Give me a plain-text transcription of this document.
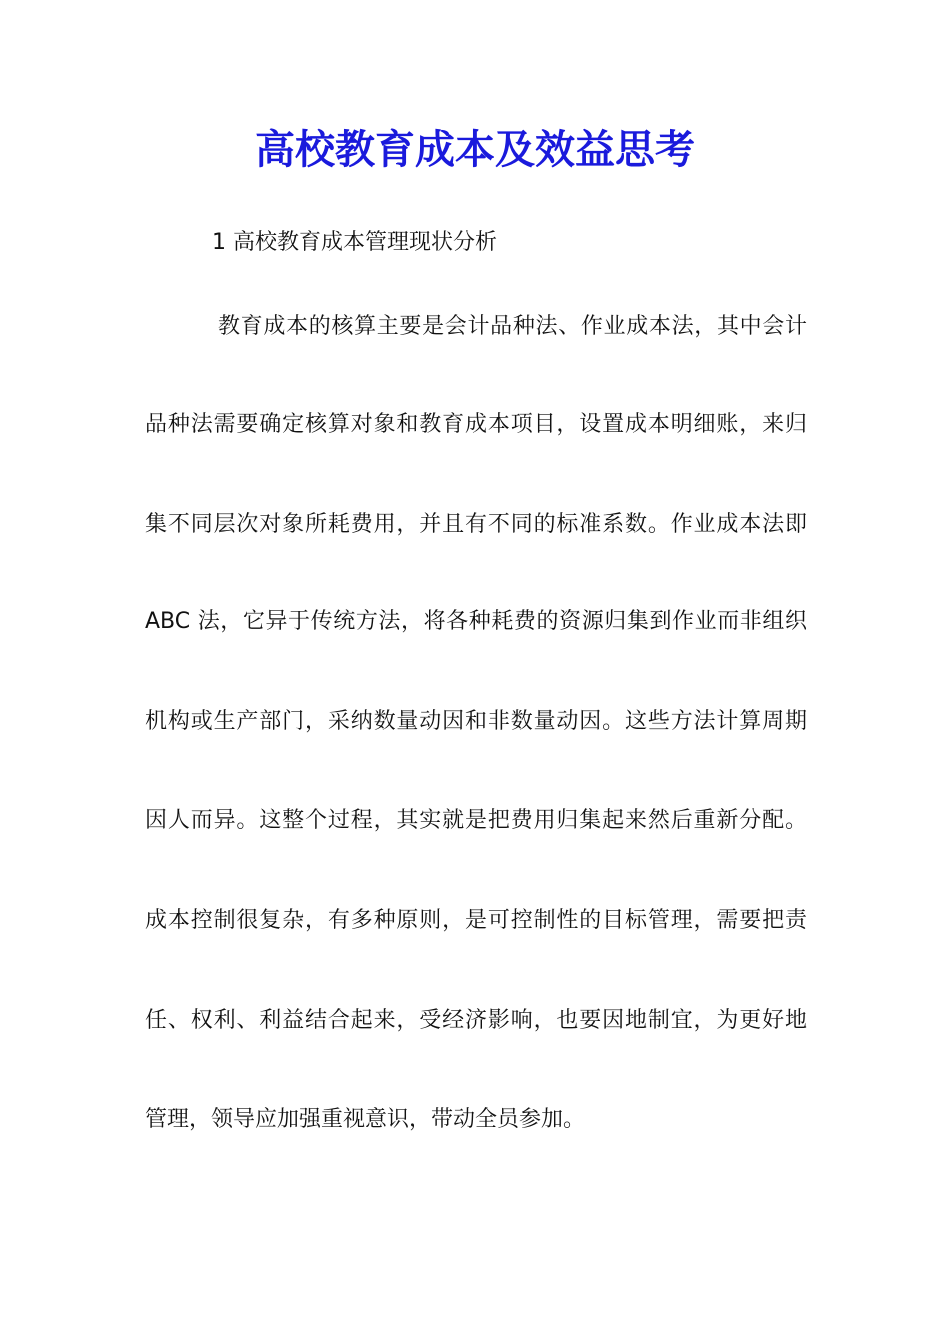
高校教育成本及效益思考

1 高校教育成本管理现状分析

教育成本的核算主要是会计品种法、作业成本法，其中会计

品种法需要确定核算对象和教育成本项目，设置成本明细账，来归

集不同层次对象所耗费用，并且有不同的标准系数。作业成本法即

ABC 法，它异于传统方法，将各种耗费的资源归集到作业而非组织

机构或生产部门，采纳数量动因和非数量动因。这些方法计算周期

因人而异。这整个过程，其实就是把费用归集起来然后重新分配。

成本控制很复杂，有多种原则，是可控制性的目标管理，需要把责

任、权利、利益结合起来，受经济影响，也要因地制宜，为更好地

管理，领导应加强重视意识，带动全员参加。
